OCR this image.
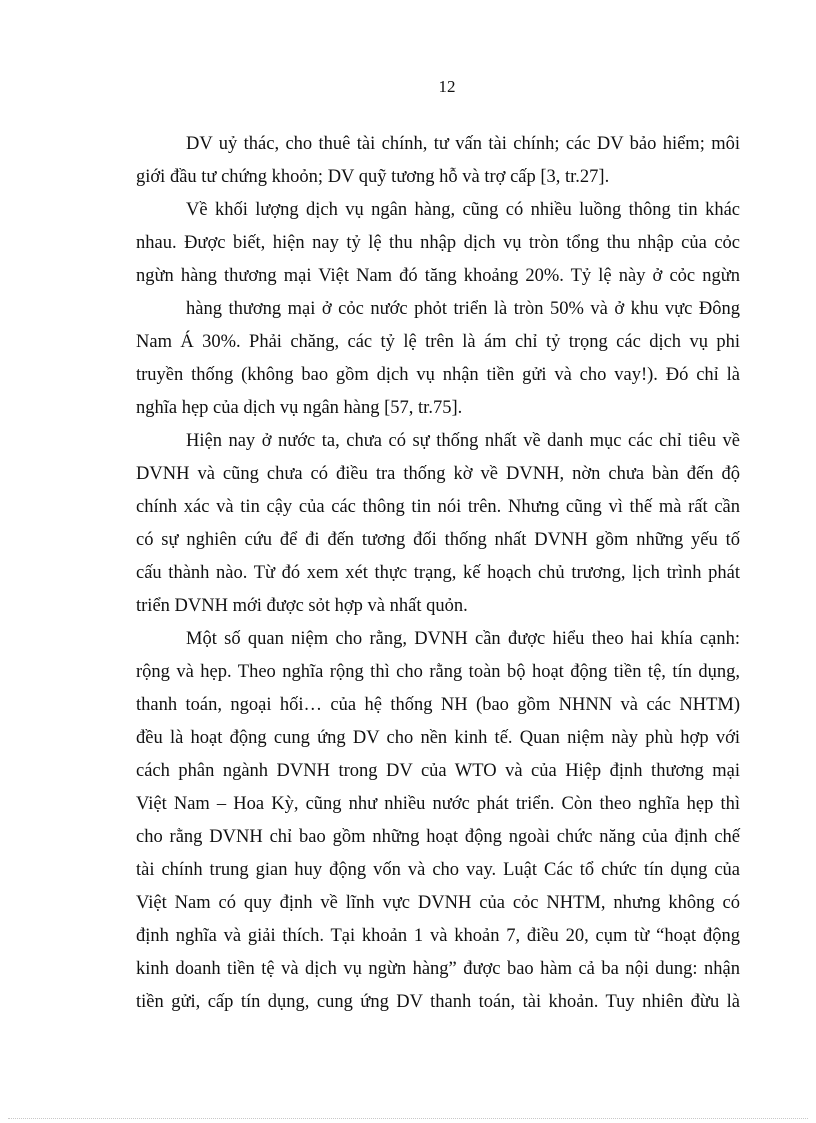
12
DV uỷ thác, cho thuê tài chính, tư vấn tài chính; các DV bảo hiểm; môi
giới đầu tư chứng khoỏn; DV quỹ tương hỗ và trợ cấp [3, tr.27].
Về khối lượng dịch vụ ngân hàng, cũng có nhiều luồng thông tin khác
nhau. Được biết, hiện nay tỷ lệ thu nhập dịch vụ tròn tổng thu nhập của cỏc
ngừn hàng thương mại Việt Nam đó tăng khoảng 20%. Tỷ lệ này ở cỏc ngừn
hàng thương mại ở cỏc nước phỏt triển là tròn 50% và ở khu vực Đông
Nam Á 30%. Phải chăng, các tỷ lệ trên là ám chỉ tỷ trọng các dịch vụ phi
truyền thống (không bao gồm dịch vụ nhận tiền gửi và cho vay!). Đó chỉ là
nghĩa hẹp của dịch vụ ngân hàng [57, tr.75].
Hiện nay ở nước ta, chưa có sự thống nhất về danh mục các chỉ tiêu về
DVNH và cũng chưa có điều tra thống kờ về DVNH, nờn chưa bàn đến độ
chính xác và tin cậy của các thông tin nói trên. Nhưng cũng vì thế mà rất cần
có sự nghiên cứu để đi đến tương đối thống nhất DVNH gồm những yếu tố
cấu thành nào. Từ đó xem xét thực trạng, kế hoạch chủ trương, lịch trình phát
triển DVNH mới được sỏt hợp và nhất quỏn.
Một số quan niệm cho rằng, DVNH cần được hiểu theo hai khía cạnh:
rộng và hẹp. Theo nghĩa rộng thì cho rằng toàn bộ hoạt động tiền tệ, tín dụng,
thanh toán, ngoại hối… của hệ thống NH (bao gồm NHNN và các NHTM)
đều là hoạt động cung ứng DV cho nền kinh tế. Quan niệm này phù hợp với
cách phân ngành DVNH trong DV của WTO và của Hiệp định thương mại
Việt Nam – Hoa Kỳ, cũng như nhiều nước phát triển. Còn theo nghĩa hẹp thì
cho rằng DVNH chỉ bao gồm những hoạt động ngoài chức năng của định chế
tài chính trung gian huy động vốn và cho vay. Luật Các tổ chức tín dụng của
Việt Nam có quy định về lĩnh vực DVNH của cỏc NHTM, nhưng không có
định nghĩa và giải thích. Tại khoản 1 và khoản 7, điều 20, cụm từ “hoạt động
kinh doanh tiền tệ và dịch vụ ngừn hàng” được bao hàm cả ba nội dung: nhận
tiền gửi, cấp tín dụng, cung ứng DV thanh toán, tài khoản. Tuy nhiên đừu là
